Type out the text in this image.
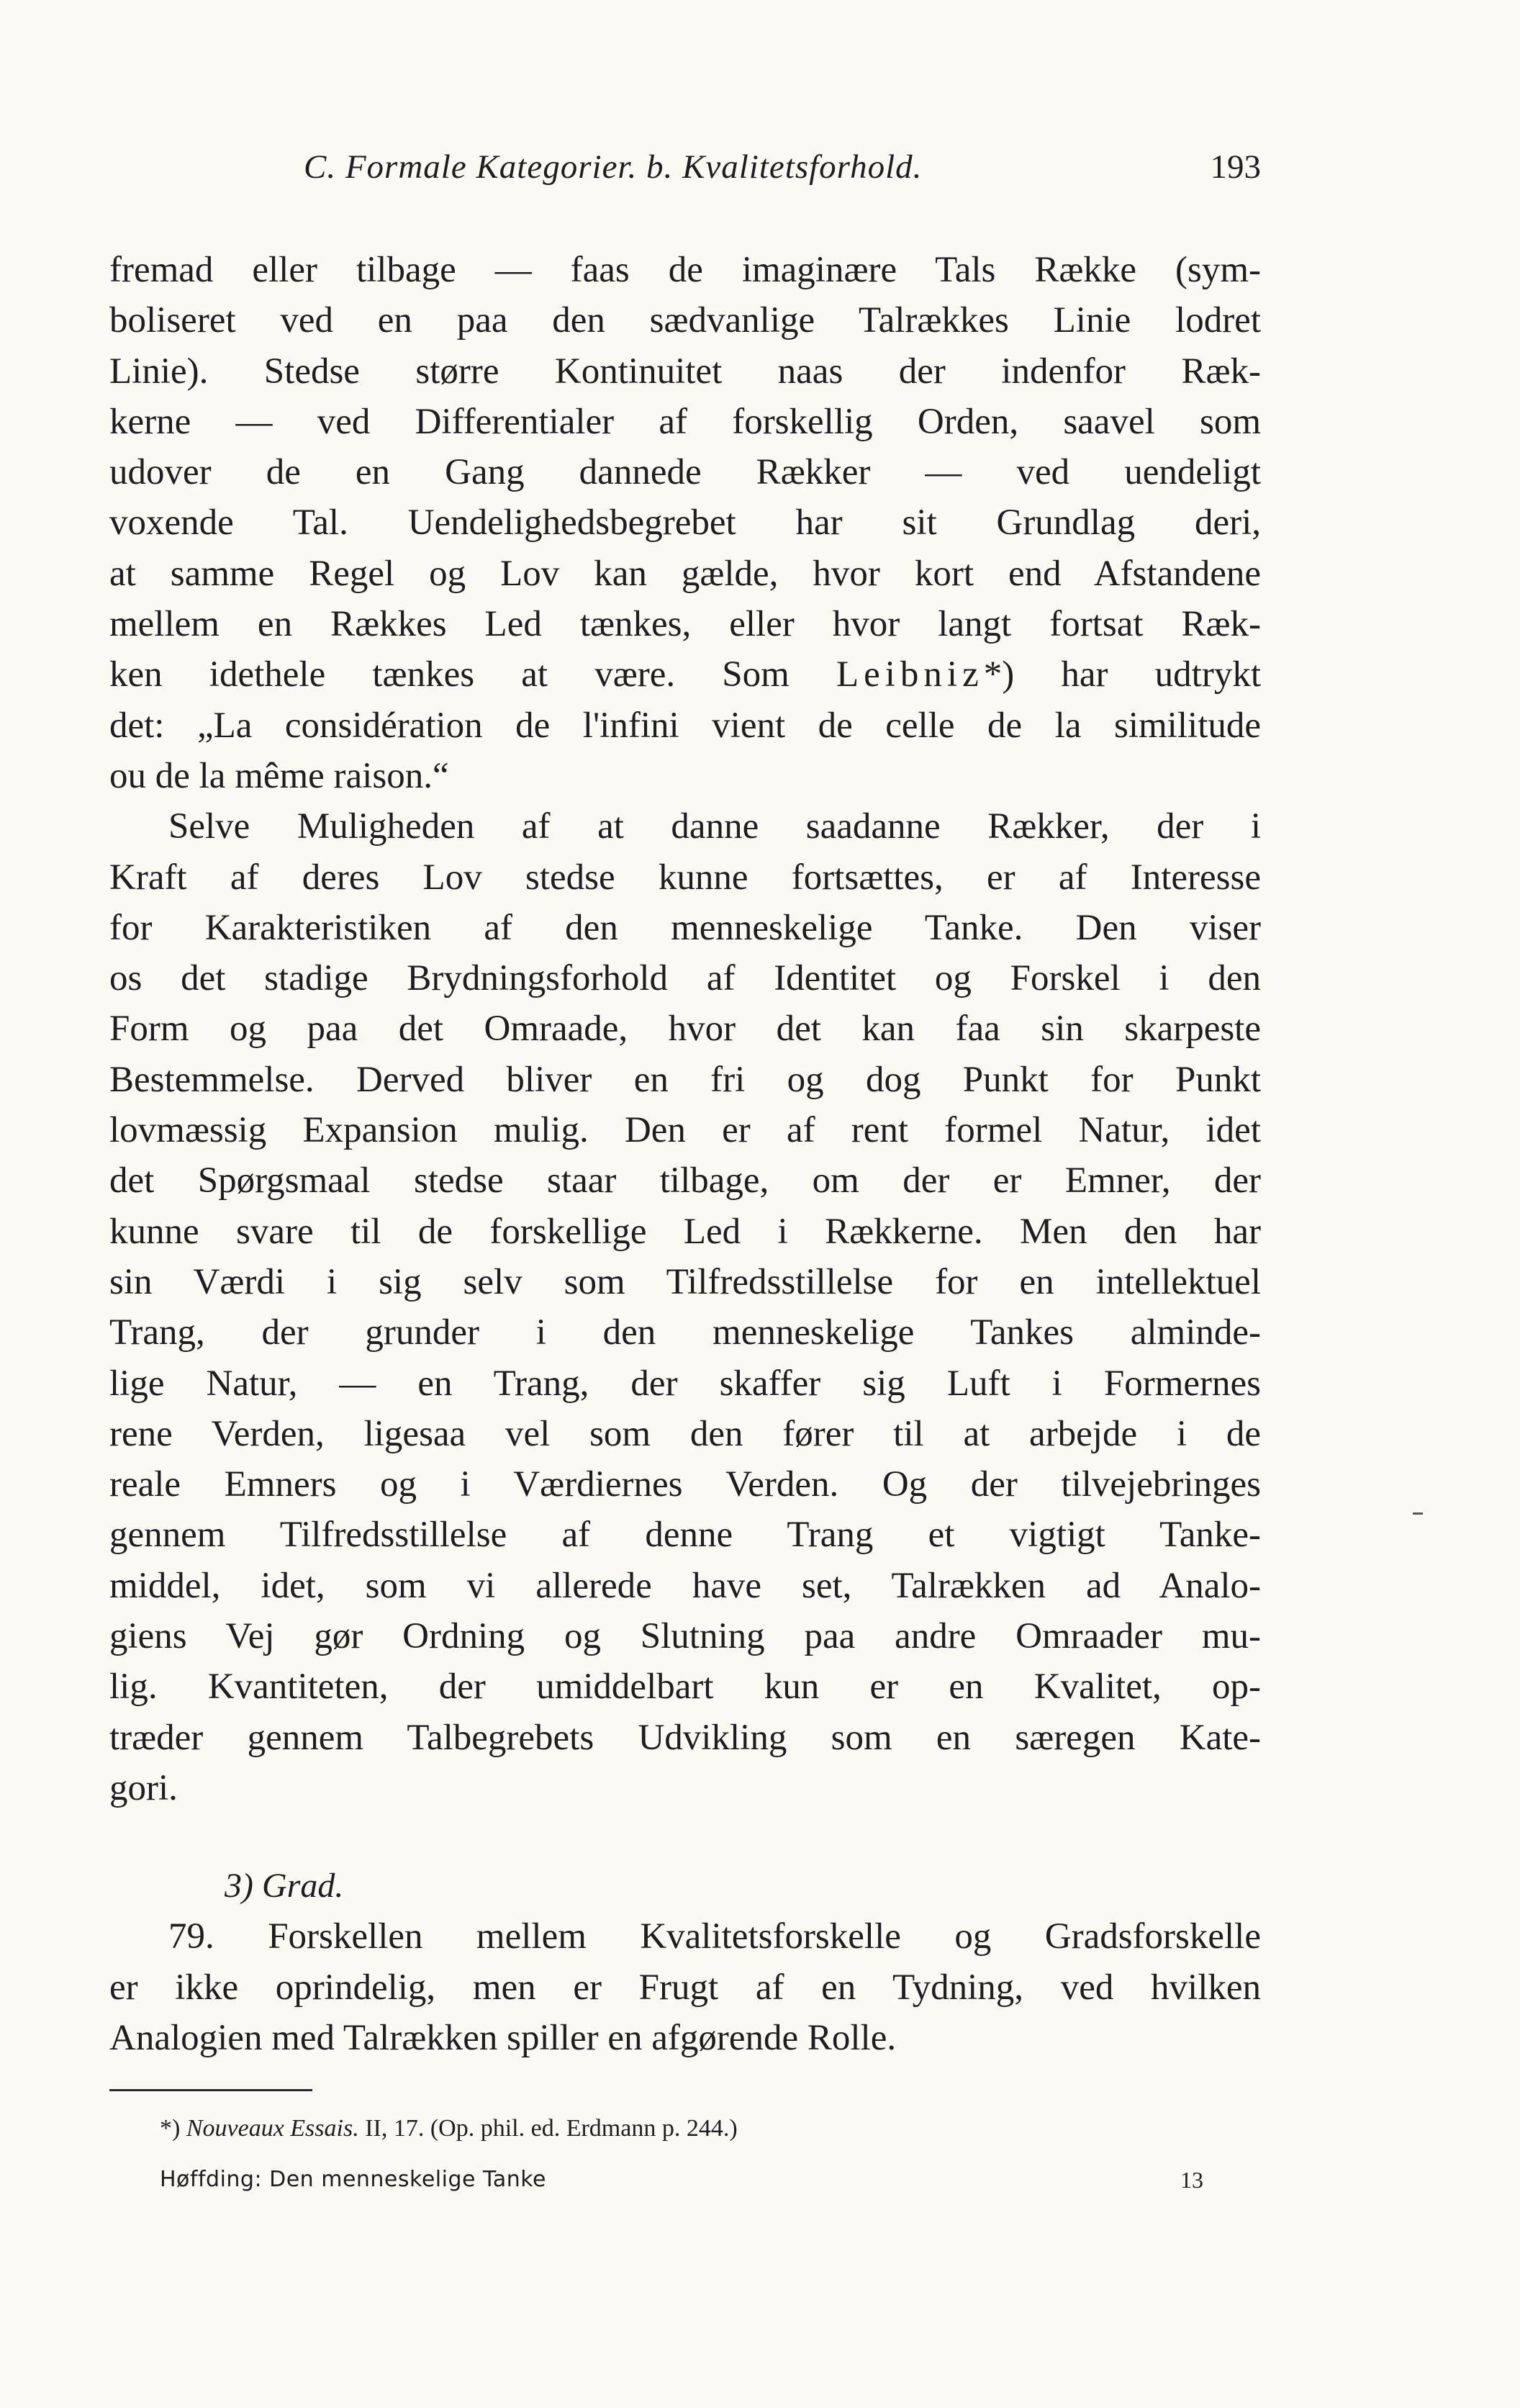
C. Formale Kategorier. b. Kvalitetsforhold.	193
fremad eller tilbage — faas de imaginære Tals Række (sym-
boliseret ved en paa den sædvanlige Talrækkes Linie lodret
Linie). Stedse større Kontinuitet naas der indenfor Ræk-
kerne — ved Differentialer af forskellig Orden, saavel som
udover de en Gang dannede Rækker — ved uendeligt
voxende Tal. Uendelighedsbegrebet har sit Grundlag deri,
at samme Regel og Lov kan gælde, hvor kort end Afstandene
mellem en Rækkes Led tænkes, eller hvor langt fortsat Ræk-
ken idethele tænkes at være. Som Leibniz*) har udtrykt
det: „La considération de l'infini vient de celle de la similitude
ou de la même raison.“
Selve Muligheden af at danne saadanne Rækker, der i
Kraft af deres Lov stedse kunne fortsættes, er af Interesse
for Karakteristiken af den menneskelige Tanke. Den viser
os det stadige Brydningsforhold af Identitet og Forskel i den
Form og paa det Omraade, hvor det kan faa sin skarpeste
Bestemmelse. Derved bliver en fri og dog Punkt for Punkt
lovmæssig Expansion mulig. Den er af rent formel Natur, idet
det Spørgsmaal stedse staar tilbage, om der er Emner, der
kunne svare til de forskellige Led i Rækkerne. Men den har
sin Værdi i sig selv som Tilfredsstillelse for en intellektuel
Trang, der grunder i den menneskelige Tankes alminde-
lige Natur, — en Trang, der skaffer sig Luft i Formernes
rene Verden, ligesaa vel som den fører til at arbejde i de
reale Emners og i Værdiernes Verden. Og der tilvejebringes
gennem Tilfredsstillelse af denne Trang et vigtigt Tanke-
middel, idet, som vi allerede have set, Talrækken ad Analo-
giens Vej gør Ordning og Slutning paa andre Omraader mu-
lig. Kvantiteten, der umiddelbart kun er en Kvalitet, op-
træder gennem Talbegrebets Udvikling som en særegen Kate-
gori.
3) Grad.
79. Forskellen mellem Kvalitetsforskelle og Gradsforskelle
er ikke oprindelig, men er Frugt af en Tydning, ved hvilken
Analogien med Talrækken spiller en afgørende Rolle.
*) Nouveaux Essais. II, 17. (Op. phil. ed. Erdmann p. 244.)
Høffding: Den menneskelige Tanke	13
